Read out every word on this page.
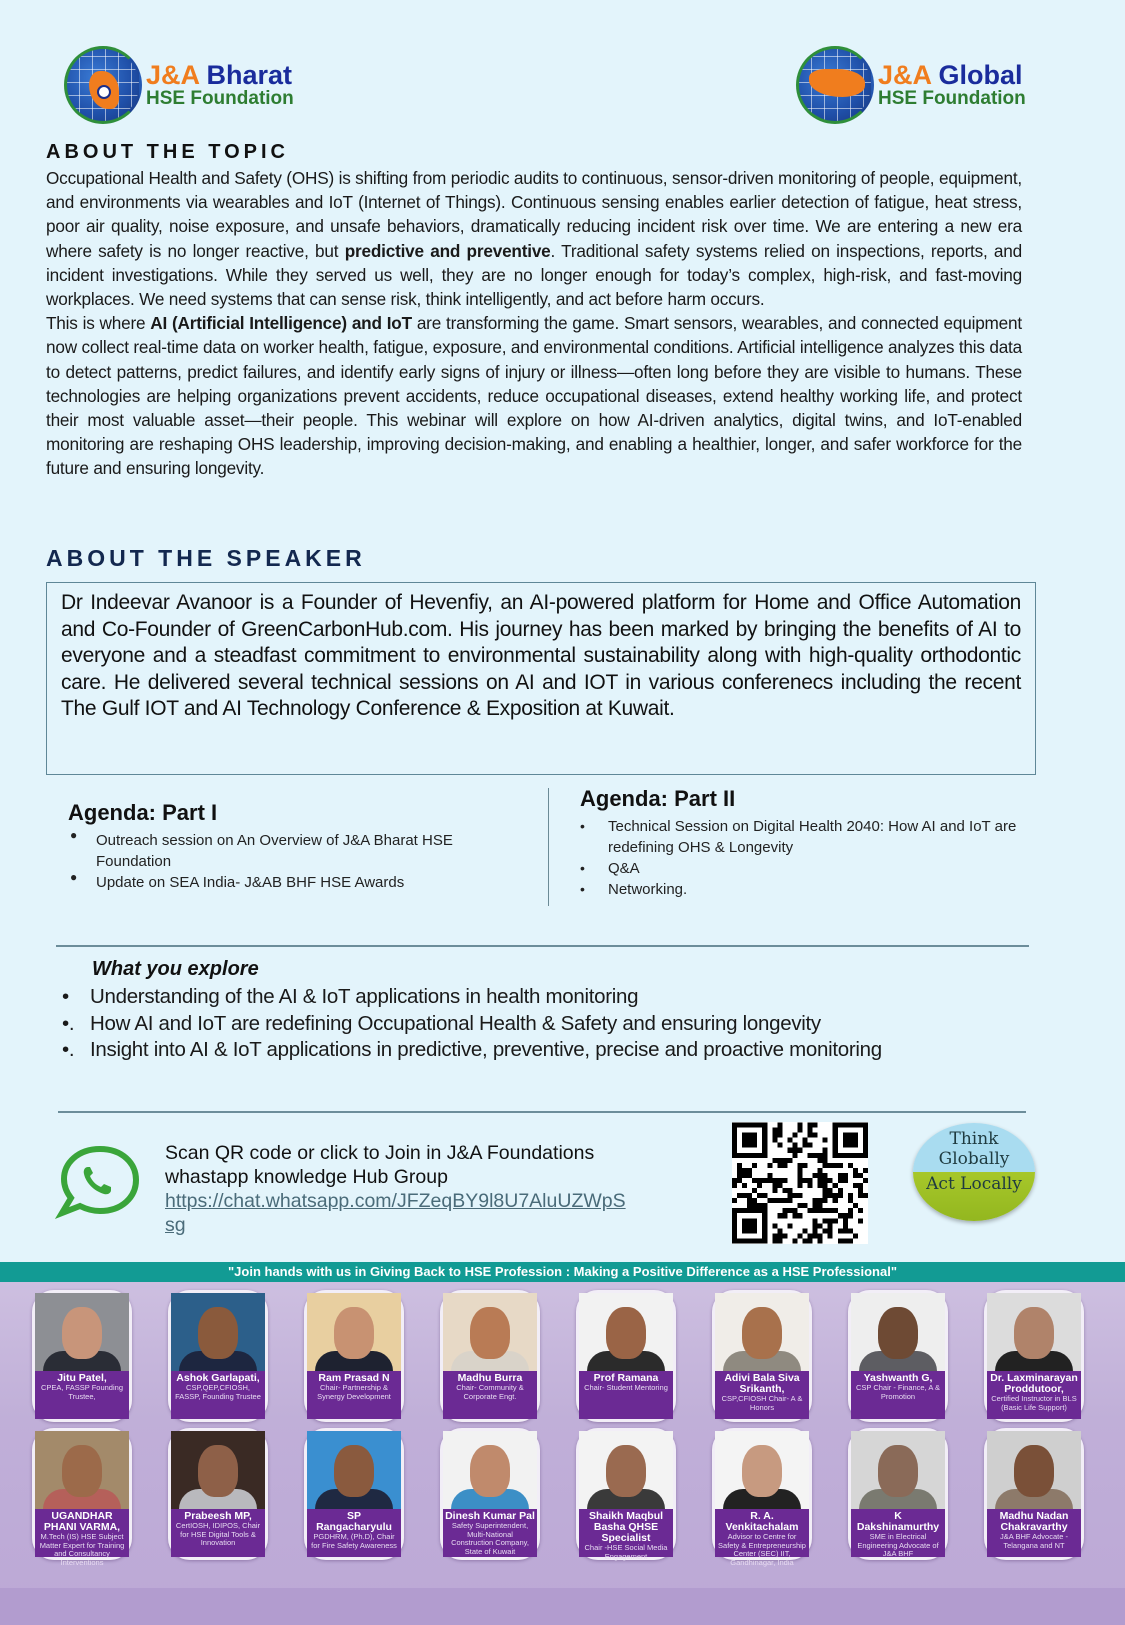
J&A Bharat
HSE Foundation
J&A Global
HSE Foundation
ABOUT THE TOPIC

Occupational Health and Safety (OHS) is shifting from periodic audits to continuous, sensor-driven monitoring of people, equipment, and environments via wearables and IoT (Internet of Things). Continuous sensing enables earlier detection of fatigue, heat stress, poor air quality, noise exposure, and unsafe behaviors, dramatically reducing incident risk over time. We are entering a new era where safety is no longer reactive, but predictive and preventive. Traditional safety systems relied on inspections, reports, and incident investigations. While they served us well, they are no longer enough for today’s complex, high-risk, and fast-moving workplaces. We need systems that can sense risk, think intelligently, and act before harm occurs.

This is where AI (Artificial Intelligence) and IoT are transforming the game. Smart sensors, wearables, and connected equipment now collect real-time data on worker health, fatigue, exposure, and environmental conditions. Artificial intelligence analyzes this data to detect patterns, predict failures, and identify early signs of injury or illness—often long before they are visible to humans. These technologies are helping organizations prevent accidents, reduce occupational diseases, extend healthy working life, and protect their most valuable asset—their people. This webinar will explore on how AI-driven analytics, digital twins, and IoT-enabled monitoring are reshaping OHS leadership, improving decision-making, and enabling a healthier, longer, and safer workforce for the future and ensuring longevity.

ABOUT THE SPEAKER
Dr Indeevar Avanoor is a Founder of Hevenfiy, an AI-powered platform for Home and Office Automation and Co-Founder of GreenCarbonHub.com. His journey has been marked by bringing the benefits of AI to everyone and a steadfast commitment to environmental sustainability along with high-quality orthodontic care. He delivered several technical sessions on AI and IOT in various conferenecs including the recent The Gulf IOT and AI Technology Conference & Exposition at Kuwait.
Agenda: Part I
● Outreach session on An Overview of J&A Bharat HSE Foundation
● Update on SEA India- J&AB BHF HSE Awards
Agenda: Part II
• Technical Session on Digital Health 2040: How AI and IoT are redefining OHS & Longevity
• Q&A
• Networking.
What you explore
• Understanding of the AI & IoT applications in health monitoring
•. How AI and IoT are redefining Occupational Health & Safety and ensuring longevity
•. Insight into AI & IoT applications in predictive, preventive, precise and proactive monitoring
Scan QR code or click to Join in J&A Foundations whastapp knowledge Hub Group
https://chat.whatsapp.com/JFZeqBY9l8U7AluUZWpSsg
Think Globally
Act Locally
"Join hands with us in Giving Back to HSE Profession : Making a Positive Difference as a HSE Professional"
Jitu Patel,
CPEA, FASSP Founding Trustee,
Ashok Garlapati,
CSP,QEP,CFIOSH, FASSP, Founding Trustee
Ram Prasad N
Chair- Partnership & Synergy Development
Madhu Burra
Chair- Community & Corporate Engt.
Prof Ramana
Chair- Student Mentoring
Adivi Bala Siva Srikanth,
CSP,CFIOSH Chair- A & Honors
Yashwanth G,
CSP Chair - Finance, A & Promotion
Dr. Laxminarayan Proddutoor,
Certified Instructor in BLS (Basic Life Support)
UGANDHAR PHANI VARMA,
M.Tech (IS) HSE Subject Matter Expert for Training and Consultancy Interventions
Prabeesh MP,
CertIOSH, IDIPOS, Chair for HSE Digital Tools & Innovation
SP Rangacharyulu
PGDHRM, (Ph.D), Chair for Fire Safety Awareness
Dinesh Kumar Pal
Safety Superintendent, Multi-National Construction Company, State of Kuwait
Shaikh Maqbul Basha QHSE Specialist
Chair -HSE Social Media Engagement
R. A. Venkitachalam
Advisor to Centre for Safety & Entrepreneurship Center (SEC) IIT, Gandhinagar, India
K Dakshinamurthy
SME in Electrical Engineering Advocate of J&A BHF
Madhu Nadan Chakravarthy
J&A BHF Advocate - Telangana and NT
